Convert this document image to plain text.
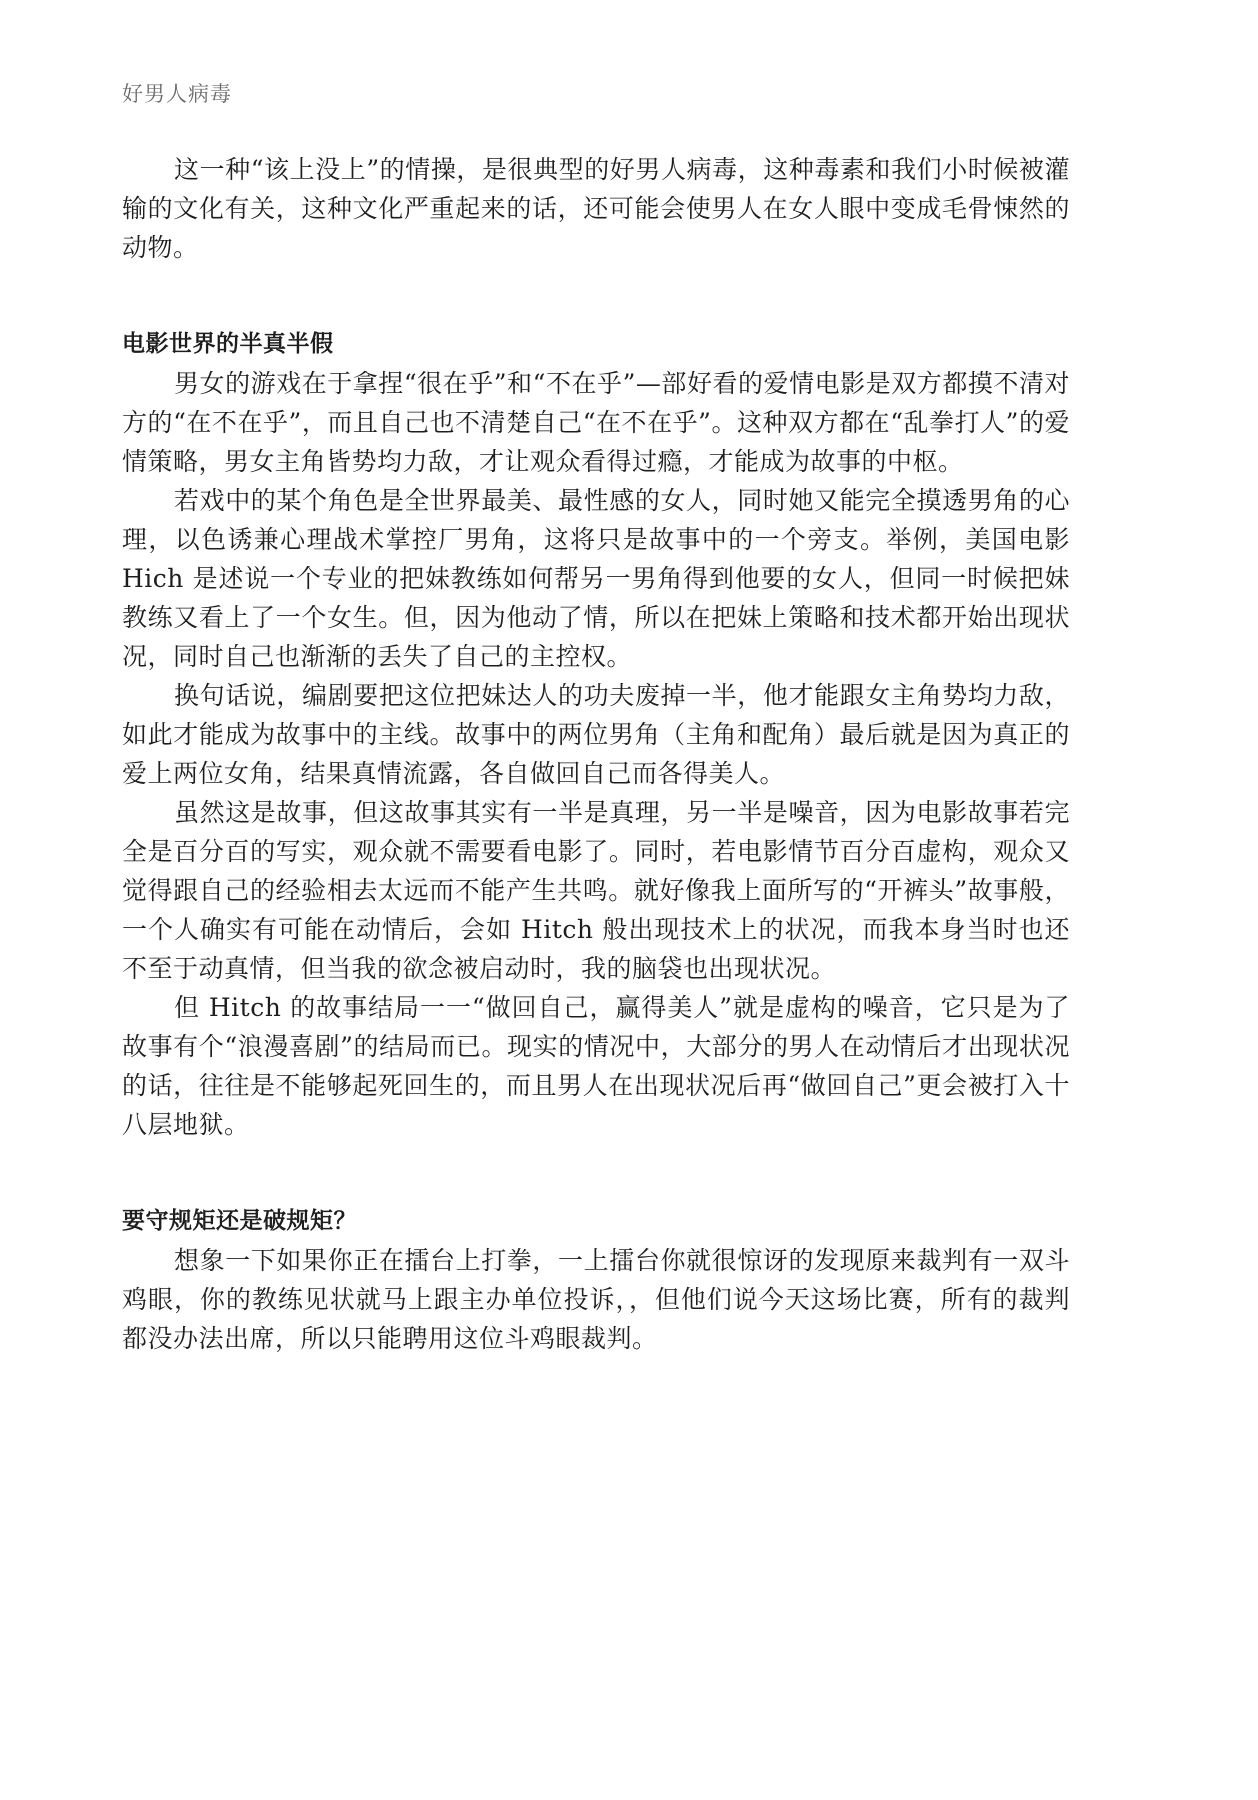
好男人病毒

这一种“该上没上”的情操，是很典型的好男人病毒，这种毒素和我们小时候被灌输的文化有关，这种文化严重起来的话，还可能会使男人在女人眼中变成毛骨悚然的动物。

电影世界的半真半假

男女的游戏在于拿捏“很在乎”和“不在乎”—部好看的爱情电影是双方都摸不清对方的“在不在乎”，而且自己也不清楚自己“在不在乎”。这种双方都在“乱拳打人”的爱情策略，男女主角皆势均力敌，才让观众看得过瘾，才能成为故事的中枢。

若戏中的某个角色是全世界最美、最性感的女人，同时她又能完全摸透男角的心理，以色诱兼心理战术掌控厂男角，这将只是故事中的一个旁支。举例，美国电影 Hich 是述说一个专业的把妹教练如何帮另一男角得到他要的女人，但同一时候把妹教练又看上了一个女生。但，因为他动了情，所以在把妹上策略和技术都开始出现状况，同时自己也渐渐的丢失了自己的主控权。

换句话说，编剧要把这位把妹达人的功夫废掉一半，他才能跟女主角势均力敌，如此才能成为故事中的主线。故事中的两位男角（主角和配角）最后就是因为真正的爱上两位女角，结果真情流露，各自做回自己而各得美人。

虽然这是故事，但这故事其实有一半是真理，另一半是噪音，因为电影故事若完全是百分百的写实，观众就不需要看电影了。同时，若电影情节百分百虚构，观众又觉得跟自己的经验相去太远而不能产生共鸣。就好像我上面所写的“开裤头”故事般，一个人确实有可能在动情后，会如 Hitch 般出现技术上的状况，而我本身当时也还不至于动真情，但当我的欲念被启动时，我的脑袋也出现状况。

但 Hitch 的故事结局一一“做回自己，赢得美人”就是虚构的噪音，它只是为了故事有个“浪漫喜剧”的结局而已。现实的情况中，大部分的男人在动情后才出现状况的话，往往是不能够起死回生的，而且男人在出现状况后再“做回自己”更会被打入十八层地狱。

要守规矩还是破规矩？

想象一下如果你正在擂台上打拳，一上擂台你就很惊讶的发现原来裁判有一双斗鸡眼，你的教练见状就马上跟主办单位投诉，，但他们说今天这场比赛，所有的裁判都没办法出席，所以只能聘用这位斗鸡眼裁判。
